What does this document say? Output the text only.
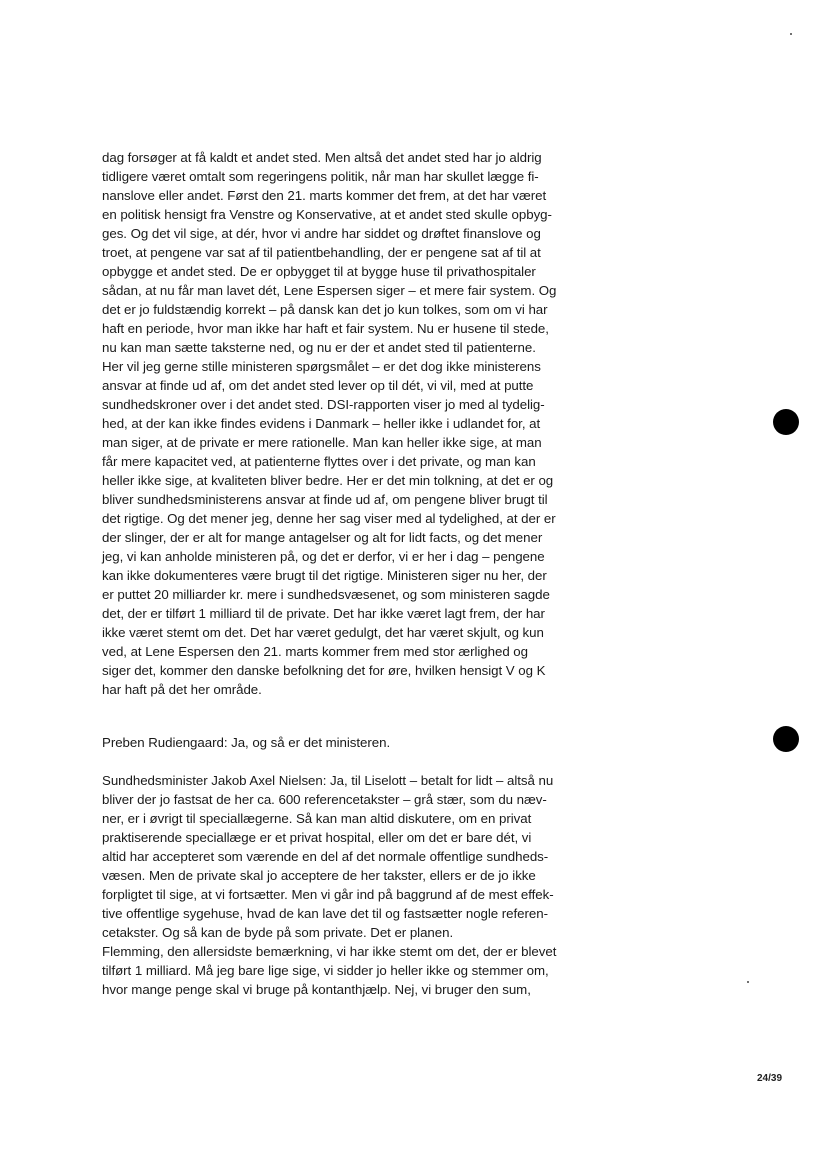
dag forsøger at få kaldt et andet sted. Men altså det andet sted har jo aldrig
tidligere været omtalt som regeringens politik, når man har skullet lægge fi-
nanslove eller andet. Først den 21. marts kommer det frem, at det har været
en politisk hensigt fra Venstre og Konservative, at et andet sted skulle opbyg-
ges. Og det vil sige, at dér, hvor vi andre har siddet og drøftet finanslove og
troet, at pengene var sat af til patientbehandling, der er pengene sat af til at
opbygge et andet sted. De er opbygget til at bygge huse til privathospitaler
sådan, at nu får man lavet dét, Lene Espersen siger – et mere fair system. Og
det er jo fuldstændig korrekt – på dansk kan det jo kun tolkes, som om vi har
haft en periode, hvor man ikke har haft et fair system. Nu er husene til stede,
nu kan man sætte taksterne ned, og nu er der et andet sted til patienterne.
Her vil jeg gerne stille ministeren spørgsmålet – er det dog ikke ministerens
ansvar at finde ud af, om det andet sted lever op til dét, vi vil, med at putte
sundhedskroner over i det andet sted. DSI-rapporten viser jo med al tydelig-
hed, at der kan ikke findes evidens i Danmark – heller ikke i udlandet for, at
man siger, at de private er mere rationelle. Man kan heller ikke sige, at man
får mere kapacitet ved, at patienterne flyttes over i det private, og man kan
heller ikke sige, at kvaliteten bliver bedre. Her er det min tolkning, at det er og
bliver sundhedsministerens ansvar at finde ud af, om pengene bliver brugt til
det rigtige. Og det mener jeg, denne her sag viser med al tydelighed, at der er
der slinger, der er alt for mange antagelser og alt for lidt facts, og det mener
jeg, vi kan anholde ministeren på, og det er derfor, vi er her i dag – pengene
kan ikke dokumenteres være brugt til det rigtige. Ministeren siger nu her, der
er puttet 20 milliarder kr. mere i sundhedsvæsenet, og som ministeren sagde
det, der er tilført 1 milliard til de private. Det har ikke været lagt frem, der har
ikke været stemt om det. Det har været gedulgt, det har været skjult, og kun
ved, at Lene Espersen den 21. marts kommer frem med stor ærlighed og
siger det, kommer den danske befolkning det for øre, hvilken hensigt V og K
har haft på det her område.
Preben Rudiengaard: Ja, og så er det ministeren.
Sundhedsminister Jakob Axel Nielsen: Ja, til Liselott – betalt for lidt – altså nu
bliver der jo fastsat de her ca. 600 referencetakster – grå stær, som du næv-
ner, er i øvrigt til speciallægerne. Så kan man altid diskutere, om en privat
praktiserende speciallæge er et privat hospital, eller om det er bare dét, vi
altid har accepteret som værende en del af det normale offentlige sundheds-
væsen. Men de private skal jo acceptere de her takster, ellers er de jo ikke
forpligtet til sige, at vi fortsætter. Men vi går ind på baggrund af de mest effek-
tive offentlige sygehuse, hvad de kan lave det til og fastsætter nogle referen-
cetakster. Og så kan de byde på som private. Det er planen.
Flemming, den allersidste bemærkning, vi har ikke stemt om det, der er blevet
tilført 1 milliard. Må jeg bare lige sige, vi sidder jo heller ikke og stemmer om,
hvor mange penge skal vi bruge på kontanthjælp. Nej, vi bruger den sum,
24/39
